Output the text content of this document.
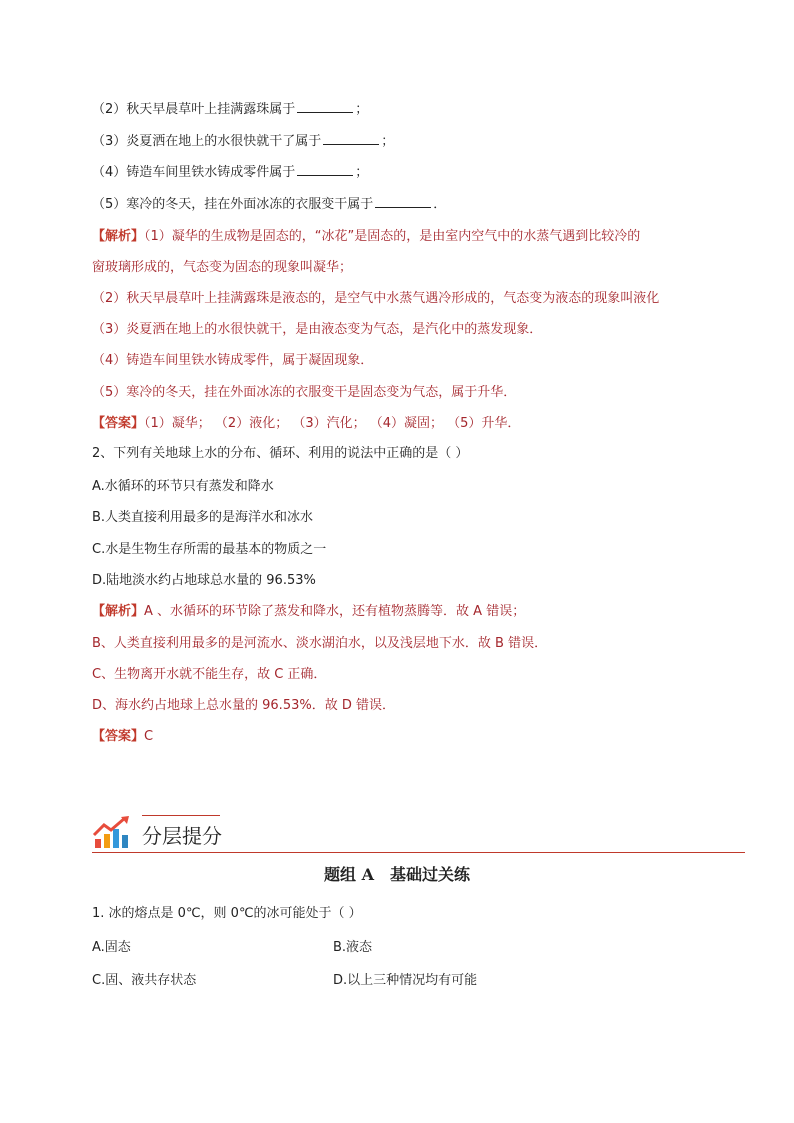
（2）秋天早晨草叶上挂满露珠属于	；
（3）炎夏洒在地上的水很快就干了属于	；
（4）铸造车间里铁水铸成零件属于	；
（5）寒冷的冬天，挂在外面冰冻的衣服变干属于	．
【解析】（1）凝华的生成物是固态的，“冰花”是固态的，是由室内空气中的水蒸气遇到比较冷的
窗玻璃形成的，气态变为固态的现象叫凝华；
（2）秋天早晨草叶上挂满露珠是液态的，是空气中水蒸气遇冷形成的，气态变为液态的现象叫液化
（3）炎夏洒在地上的水很快就干，是由液态变为气态，是汽化中的蒸发现象．
（4）铸造车间里铁水铸成零件，属于凝固现象．
（5）寒冷的冬天，挂在外面冰冻的衣服变干是固态变为气态，属于升华．
【答案】（1）凝华； （2）液化； （3）汽化； （4）凝固； （5）升华．
2、下列有关地球上水的分布、循环、利用的说法中正确的是（ ）
A.水循环的环节只有蒸发和降水
B.人类直接利用最多的是海洋水和冰水
C.水是生物生存所需的最基本的物质之一
D.陆地淡水约占地球总水量的 96.53%
【解析】A 、水循环的环节除了蒸发和降水，还有植物蒸腾等．故 A 错误；
B、人类直接利用最多的是河流水、淡水湖泊水，以及浅层地下水．故 B 错误．
C、生物离开水就不能生存，故 C 正确．
D、海水约占地球上总水量的 96.53%．故 D 错误．
【答案】C
分层提分
题组 A　基础过关练
1. 冰的熔点是 0℃，则 0℃的冰可能处于（ ）
A.固态	B.液态
C.固、液共存状态	D.以上三种情况均有可能
